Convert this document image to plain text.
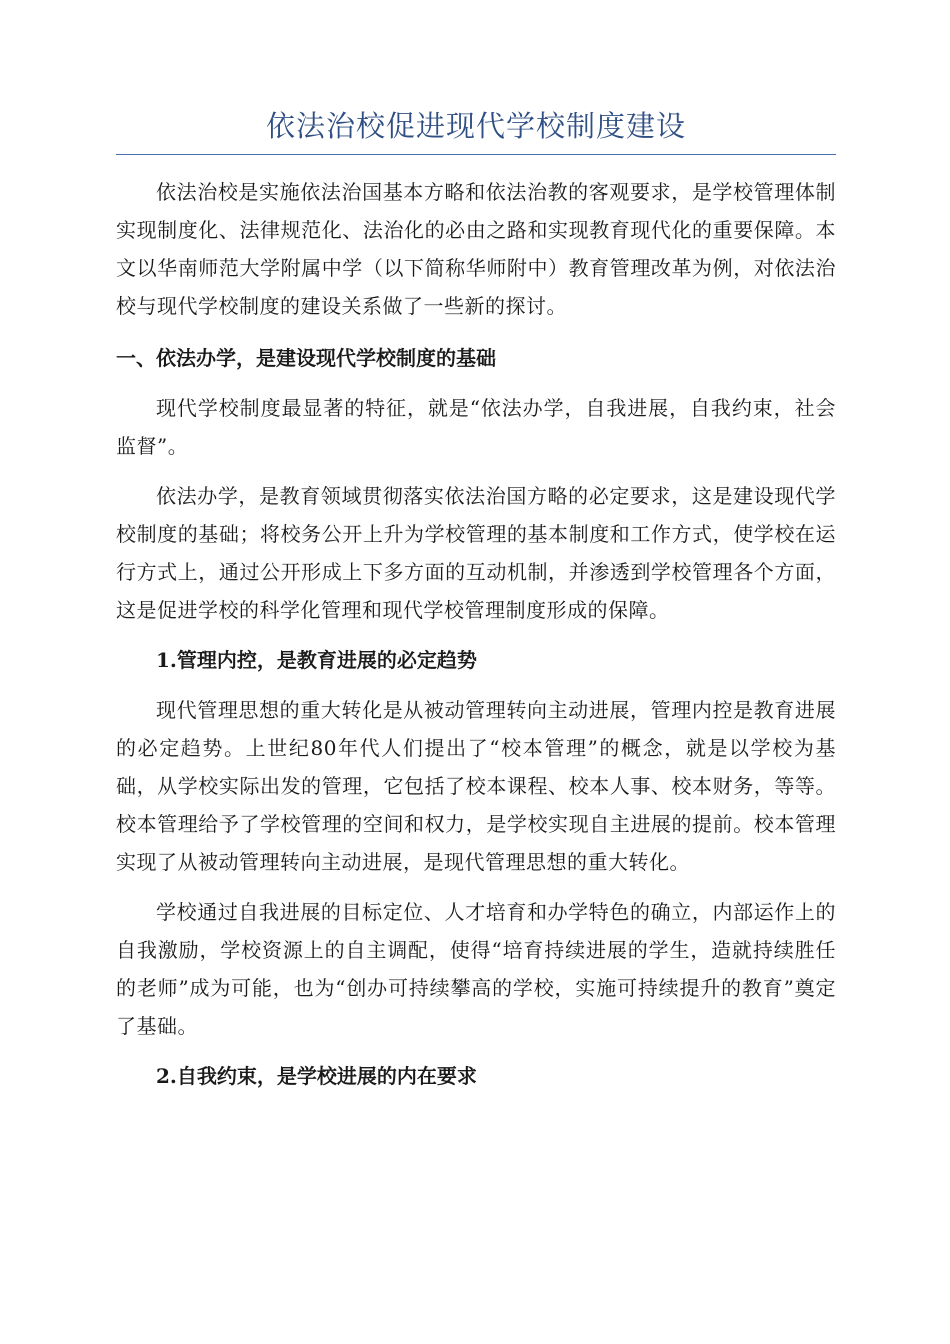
依法治校促进现代学校制度建设

依法治校是实施依法治国基本方略和依法治教的客观要求，是学校管理体制实现制度化、法律规范化、法治化的必由之路和实现教育现代化的重要保障。本文以华南师范大学附属中学（以下简称华师附中）教育管理改革为例，对依法治校与现代学校制度的建设关系做了一些新的探讨。

一、依法办学，是建设现代学校制度的基础

现代学校制度最显著的特征，就是“依法办学，自我进展，自我约束，社会监督”。

依法办学，是教育领域贯彻落实依法治国方略的必定要求，这是建设现代学校制度的基础；将校务公开上升为学校管理的基本制度和工作方式，使学校在运行方式上，通过公开形成上下多方面的互动机制，并渗透到学校管理各个方面，这是促进学校的科学化管理和现代学校管理制度形成的保障。

1.管理内控，是教育进展的必定趋势

现代管理思想的重大转化是从被动管理转向主动进展，管理内控是教育进展的必定趋势。上世纪80年代人们提出了“校本管理”的概念，就是以学校为基础，从学校实际出发的管理，它包括了校本课程、校本人事、校本财务，等等。校本管理给予了学校管理的空间和权力，是学校实现自主进展的提前。校本管理实现了从被动管理转向主动进展，是现代管理思想的重大转化。

学校通过自我进展的目标定位、人才培育和办学特色的确立，内部运作上的自我激励，学校资源上的自主调配，使得“培育持续进展的学生，造就持续胜任的老师”成为可能，也为“创办可持续攀高的学校，实施可持续提升的教育”奠定了基础。

2.自我约束，是学校进展的内在要求
